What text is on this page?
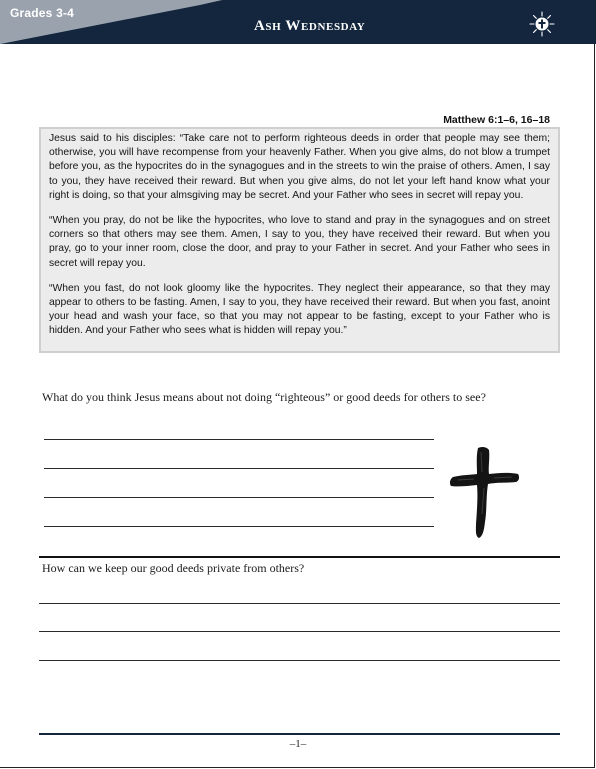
Grades 3-4
Ash Wednesday
Matthew 6:1–6, 16–18

Jesus said to his disciples: “Take care not to perform righteous deeds in order that people may see them; otherwise, you will have recompense from your heavenly Father. When you give alms, do not blow a trumpet before you, as the hypocrites do in the synagogues and in the streets to win the praise of others. Amen, I say to you, they have received their reward. But when you give alms, do not let your left hand know what your right is doing, so that your almsgiving may be secret. And your Father who sees in secret will repay you.

“When you pray, do not be like the hypocrites, who love to stand and pray in the synagogues and on street corners so that others may see them. Amen, I say to you, they have received their reward. But when you pray, go to your inner room, close the door, and pray to your Father in secret. And your Father who sees in secret will repay you.

“When you fast, do not look gloomy like the hypocrites. They neglect their appearance, so that they may appear to others to be fasting. Amen, I say to you, they have received their reward. But when you fast, anoint your head and wash your face, so that you may not appear to be fasting, except to your Father who is hidden. And your Father who sees what is hidden will repay you.”

What do you think Jesus means about not doing “righteous” or good deeds for others to see?
How can we keep our good deeds private from others?
–1–
